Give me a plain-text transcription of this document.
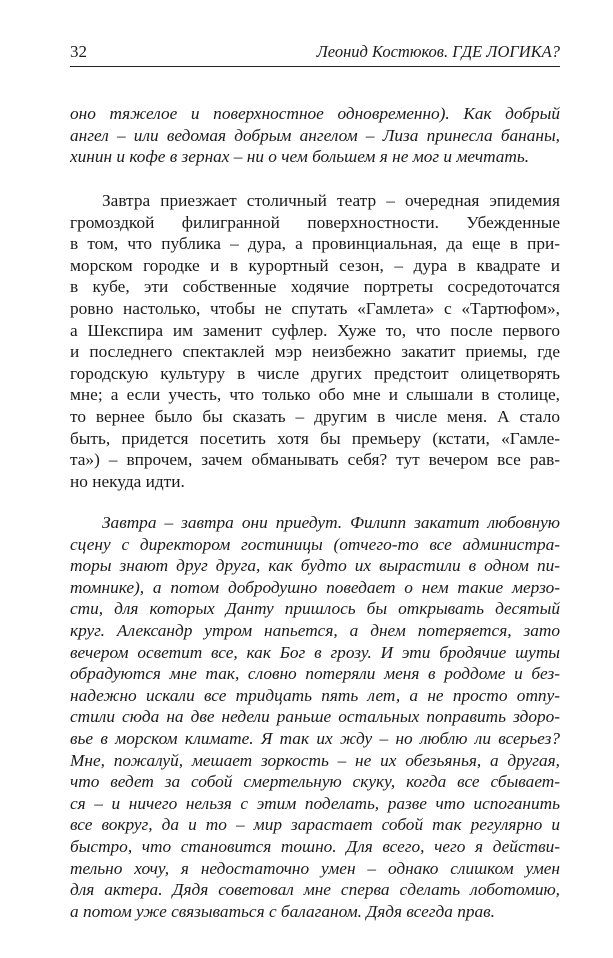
32	Леонид Костюков. ГДЕ ЛОГИКА?
оно тяжелое и поверхностное одновременно). Как добрый
ангел – или ведомая добрым ангелом – Лиза принесла бананы,
хинин и кофе в зернах – ни о чем большем я не мог и мечтать.
Завтра приезжает столичный театр – очередная эпидемия
громоздкой филигранной поверхностности. Убежденные
в том, что публика – дура, а провинциальная, да еще в при-
морском городке и в курортный сезон, – дура в квадрате и
в кубе, эти собственные ходячие портреты сосредоточатся
ровно настолько, чтобы не спутать «Гамлета» с «Тартюфом»,
а Шекспира им заменит суфлер. Хуже то, что после первого
и последнего спектаклей мэр неизбежно закатит приемы, где
городскую культуру в числе других предстоит олицетворять
мне; а если учесть, что только обо мне и слышали в столице,
то вернее было бы сказать – другим в числе меня. А стало
быть, придется посетить хотя бы премьеру (кстати, «Гамле-
та») – впрочем, зачем обманывать себя? тут вечером все рав-
но некуда идти.
Завтра – завтра они приедут. Филипп закатит любовную
сцену с директором гостиницы (отчего-то все администра-
торы знают друг друга, как будто их вырастили в одном пи-
томнике), а потом добродушно поведает о нем такие мерзо-
сти, для которых Данту пришлось бы открывать десятый
круг. Александр утром напьется, а днем потеряется, зато
вечером осветит все, как Бог в грозу. И эти бродячие шуты
обрадуются мне так, словно потеряли меня в роддоме и без-
надежно искали все тридцать пять лет, а не просто отпу-
стили сюда на две недели раньше остальных поправить здоро-
вье в морском климате. Я так их жду – но люблю ли всерьез?
Мне, пожалуй, мешает зоркость – не их обезьянья, а другая,
что ведет за собой смертельную скуку, когда все сбывает-
ся – и ничего нельзя с этим поделать, разве что испоганить
все вокруг, да и то – мир зарастает собой так регулярно и
быстро, что становится тошно. Для всего, чего я действи-
тельно хочу, я недостаточно умен – однако слишком умен
для актера. Дядя советовал мне сперва сделать лоботомию,
а потом уже связываться с балаганом. Дядя всегда прав.
